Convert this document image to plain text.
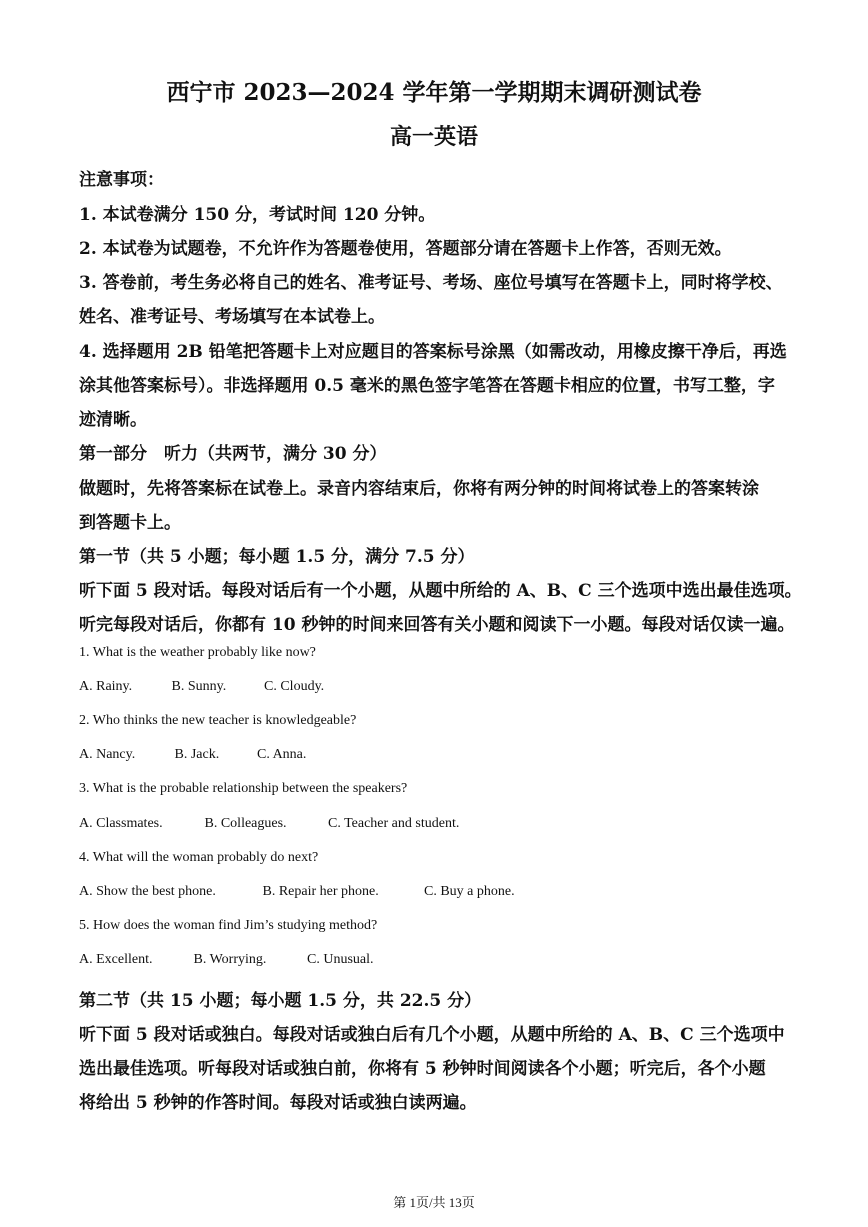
西宁市 2023—2024 学年第一学期期末调研测试卷
高一英语
注意事项：
1. 本试卷满分 150 分，考试时间 120 分钟。
2. 本试卷为试题卷，不允许作为答题卷使用，答题部分请在答题卡上作答，否则无效。
3. 答卷前，考生务必将自己的姓名、准考证号、考场、座位号填写在答题卡上，同时将学校、
姓名、准考证号、考场填写在本试卷上。
4. 选择题用 2B 铅笔把答题卡上对应题目的答案标号涂黑（如需改动，用橡皮擦干净后，再选
涂其他答案标号）。非选择题用 0.5 毫米的黑色签字笔答在答题卡相应的位置，书写工整，字
迹清晰。
第一部分　听力（共两节，满分 30 分）
做题时，先将答案标在试卷上。录音内容结束后，你将有两分钟的时间将试卷上的答案转涂
到答题卡上。
第一节（共 5 小题；每小题 1.5 分，满分 7.5 分）
听下面 5 段对话。每段对话后有一个小题，从题中所给的 A、B、C 三个选项中选出最佳选项。
听完每段对话后，你都有 10 秒钟的时间来回答有关小题和阅读下一小题。每段对话仅读一遍。
1. What is the weather probably like now?
A. Rainy.	B. Sunny.	C. Cloudy.
2. Who thinks the new teacher is knowledgeable?
A. Nancy.	B. Jack.	C. Anna.
3. What is the probable relationship between the speakers?
A. Classmates.	B. Colleagues.	C. Teacher and student.
4. What will the woman probably do next?
A. Show the best phone.	B. Repair her phone.	C. Buy a phone.
5. How does the woman find Jim’s studying method?
A. Excellent.	B. Worrying.	C. Unusual.
第二节（共 15 小题；每小题 1.5 分，共 22.5 分）
听下面 5 段对话或独白。每段对话或独白后有几个小题，从题中所给的 A、B、C 三个选项中
选出最佳选项。听每段对话或独白前，你将有 5 秒钟时间阅读各个小题；听完后，各个小题
将给出 5 秒钟的作答时间。每段对话或独白读两遍。
第 1页/共 13页
